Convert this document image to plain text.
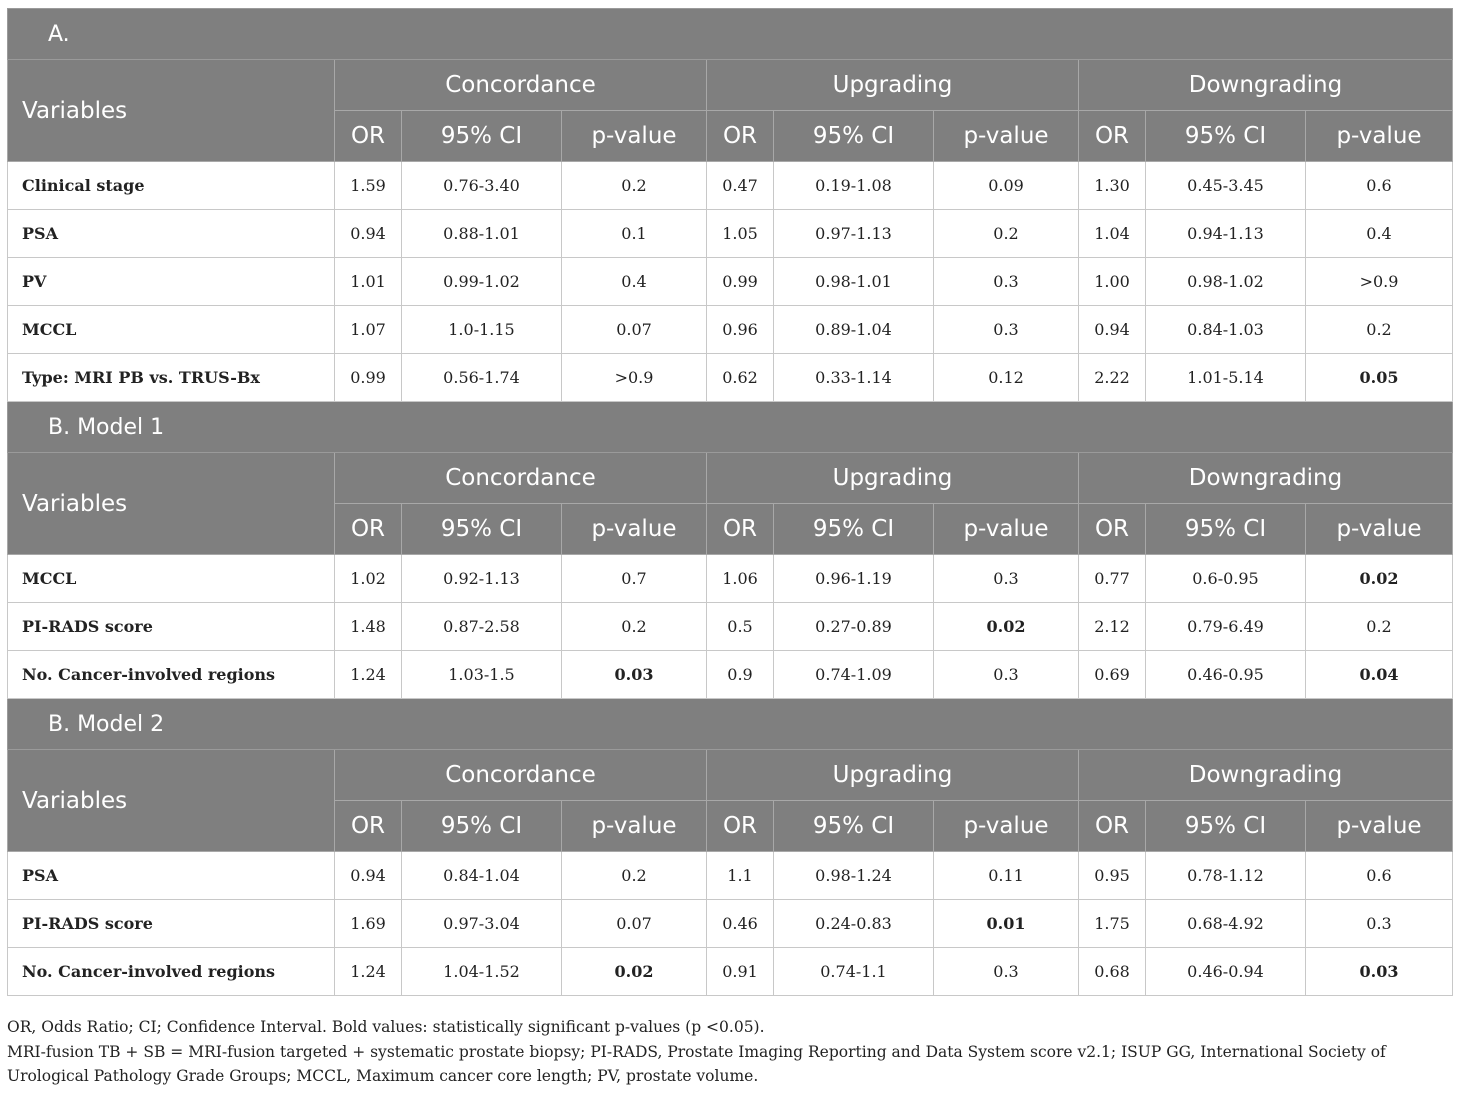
A.									
Variables	Concordance			Upgrading			Downgrading		
	OR	95% CI	p-value	OR	95% CI	p-value	OR	95% CI	p-value
Clinical stage	1.59	0.76-3.40	0.2	0.47	0.19-1.08	0.09	1.30	0.45-3.45	0.6
PSA	0.94	0.88-1.01	0.1	1.05	0.97-1.13	0.2	1.04	0.94-1.13	0.4
PV	1.01	0.99-1.02	0.4	0.99	0.98-1.01	0.3	1.00	0.98-1.02	>0.9
MCCL	1.07	1.0-1.15	0.07	0.96	0.89-1.04	0.3	0.94	0.84-1.03	0.2
Type: MRI PB vs. TRUS-Bx	0.99	0.56-1.74	>0.9	0.62	0.33-1.14	0.12	2.22	1.01-5.14	0.05
B. Model 1									
Variables	Concordance			Upgrading			Downgrading		
	OR	95% CI	p-value	OR	95% CI	p-value	OR	95% CI	p-value
MCCL	1.02	0.92-1.13	0.7	1.06	0.96-1.19	0.3	0.77	0.6-0.95	0.02
PI-RADS score	1.48	0.87-2.58	0.2	0.5	0.27-0.89	0.02	2.12	0.79-6.49	0.2
No. Cancer-involved regions	1.24	1.03-1.5	0.03	0.9	0.74-1.09	0.3	0.69	0.46-0.95	0.04
B. Model 2									
Variables	Concordance			Upgrading			Downgrading		
	OR	95% CI	p-value	OR	95% CI	p-value	OR	95% CI	p-value
PSA	0.94	0.84-1.04	0.2	1.1	0.98-1.24	0.11	0.95	0.78-1.12	0.6
PI-RADS score	1.69	0.97-3.04	0.07	0.46	0.24-0.83	0.01	1.75	0.68-4.92	0.3
No. Cancer-involved regions	1.24	1.04-1.52	0.02	0.91	0.74-1.1	0.3	0.68	0.46-0.94	0.03

OR, Odds Ratio; CI; Confidence Interval. Bold values: statistically significant p-values (p <0.05).

MRI-fusion TB + SB = MRI-fusion targeted + systematic prostate biopsy; PI-RADS, Prostate Imaging Reporting and Data System score v2.1; ISUP GG, International Society of Urological Pathology Grade Groups; MCCL, Maximum cancer core length; PV, prostate volume.
